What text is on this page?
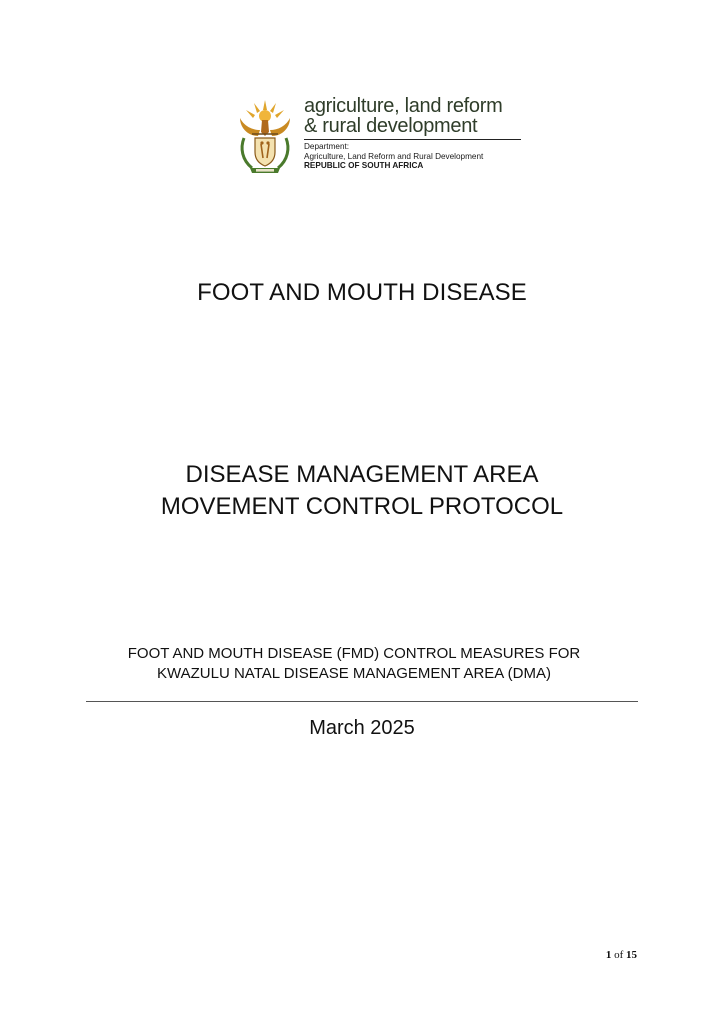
agriculture, land reform
& rural development
Department:
Agriculture, Land Reform and Rural Development
REPUBLIC OF SOUTH AFRICA
FOOT AND MOUTH DISEASE
DISEASE MANAGEMENT AREA
MOVEMENT CONTROL PROTOCOL
FOOT AND MOUTH DISEASE (FMD) CONTROL MEASURES FOR
KWAZULU NATAL DISEASE MANAGEMENT AREA (DMA)
March 2025
1 of 15
